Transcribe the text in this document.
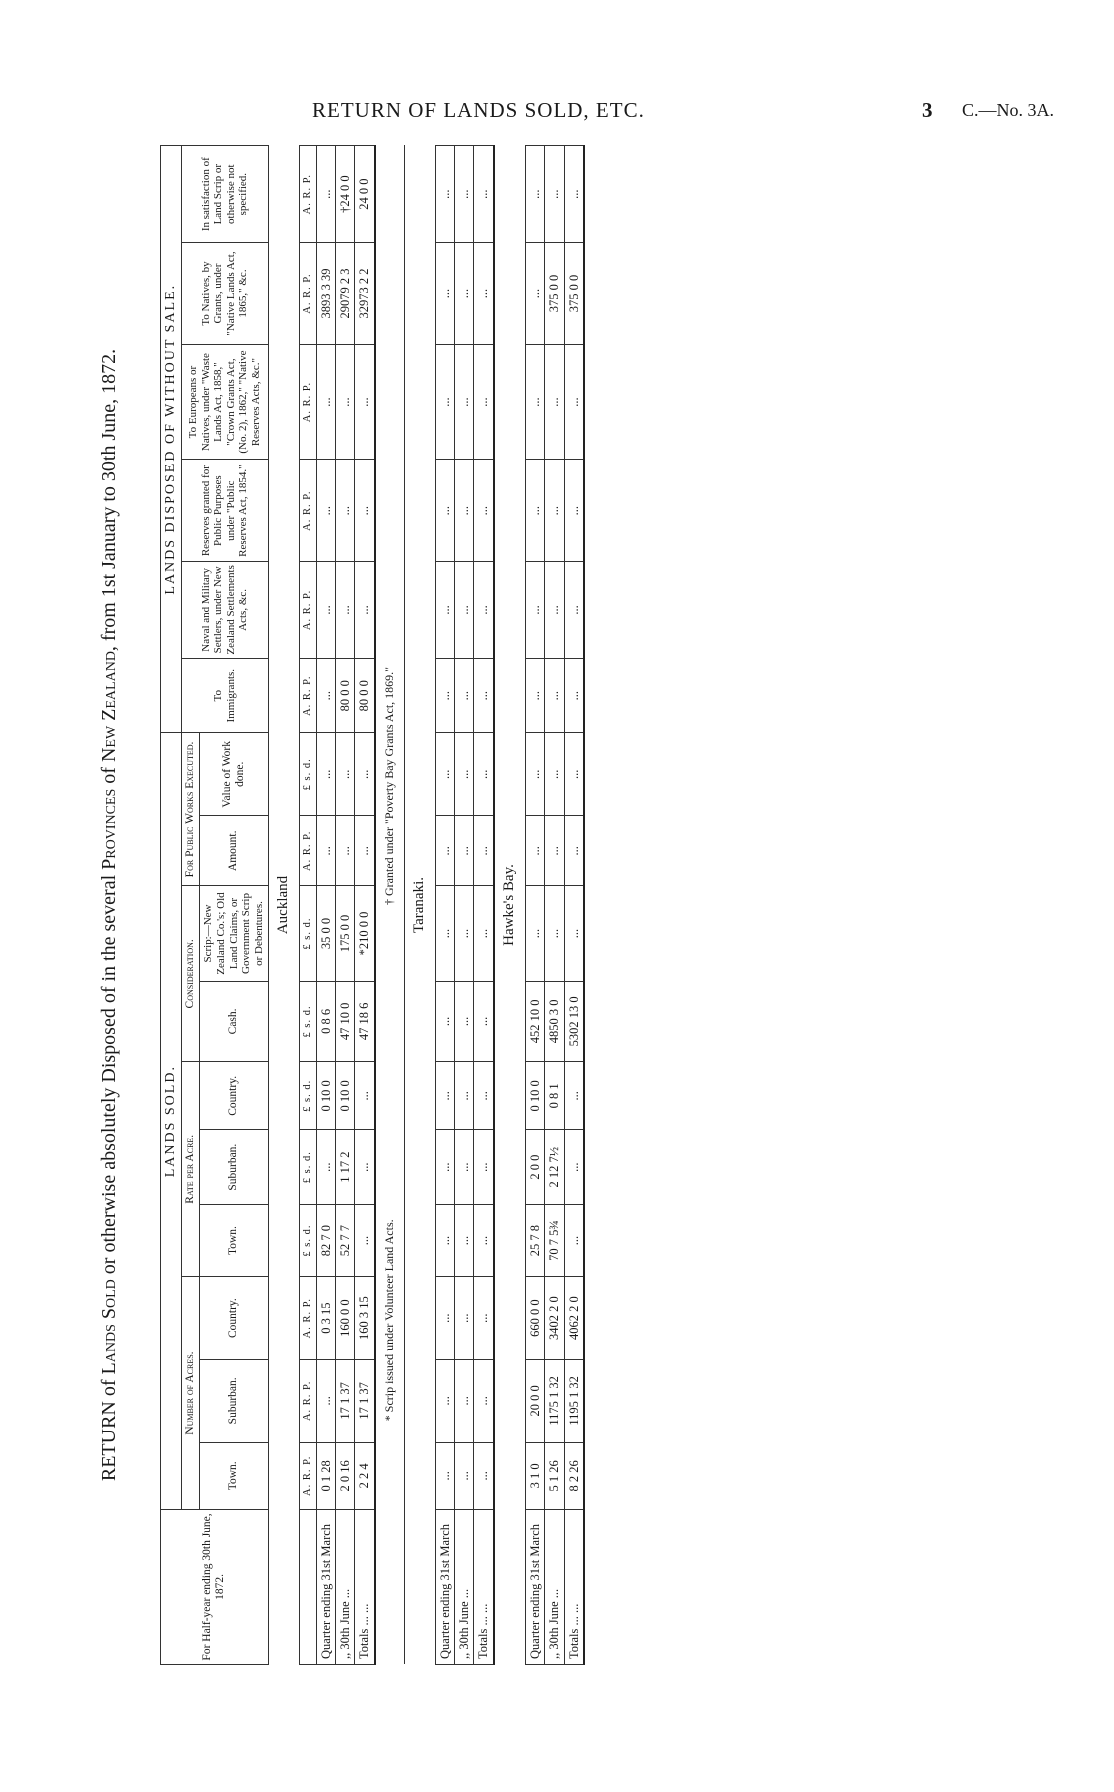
RETURN OF LANDS SOLD, ETC.	3 C.—No. 3A.
RETURN of Lands Sold or otherwise absolutely Disposed of in the several Provinces of New Zealand, from 1st January to 30th June, 1872.
For Half-year ending 30th June, 1872.	LANDS SOLD.										LANDS DISPOSED OF WITHOUT SALE.					
	Number of Acres.			Rate per Acre.			Consideration.		For Public Works Executed.		To Immigrants.	Naval and Military Settlers, under New Zealand Settlements Acts, &c.	Reserves granted for Public Purposes under "Public Reserves Act, 1854."	To Europeans or Natives, under "Waste Lands Act, 1858," "Crown Grants Act, (No. 2), 1862," "Native Reserves Acts, &c."	To Natives, by Grants, under "Native Lands Act, 1865," &c.	In satisfaction of Land Scrip or otherwise not specified.
	Town.	Suburban.	Country.	Town.	Suburban.	Country.	Cash.	Scrip:—New Zealand Co.'s; Old Land Claims, or Government Scrip or Debentures.	Amount.	Value of Work done.						
Auckland																
	A. R. P.	A. R. P.	A. R. P.	£ s. d.	£ s. d.	£ s. d.	£ s. d.	£ s. d.	A. R. P.	£ s. d.	A. R. P.	A. R. P.	A. R. P.	A. R. P.	A. R. P.	A. R. P.
Quarter ending 31st March	0 1 28	...	0 3 15	82 7 0	...	0 10 0	0 8 6	35 0 0	...	...	...	...	...	...	3893 3 39	...
,, 30th June ...	2 0 16	17 1 37	160 0 0	52 7 7	1 17 2	0 10 0	47 10 0	175 0 0	...	...	80 0 0	...	...	...	29079 2 3	†24 0 0
Totals ... ...	2 2 4	17 1 37	160 3 15	...	...	...	47 18 6	*210 0 0	...	...	80 0 0	...	...	...	32973 2 2	24 0 0
* Scrip issued under Volunteer Land Acts.† Granted under "Poverty Bay Grants Act, 1869."																
Taranaki.																
Quarter ending 31st March	...	...	...	...	...	...	...	...	...	...	...	...	...	...	...	...
,, 30th June ...	...	...	...	...	...	...	...	...	...	...	...	...	...	...	...	...
Totals ... ...	...	...	...	...	...	...	...	...	...	...	...	...	...	...	...	...
Hawke's Bay.																
Quarter ending 31st March	3 1 0	20 0 0	660 0 0	25 7 8	2 0 0	0 10 0	452 10 0	...	...	...	...	...	...	...	...	...
,, 30th June ...	5 1 26	1175 1 32	3402 2 0	70 7 5¾	2 12 7½	0 8 1	4850 3 0	...	...	...	...	...	...	...	375 0 0	...
Totals ... ...	8 2 26	1195 1 32	4062 2 0	...	...	...	5302 13 0	...	...	...	...	...	...	...	375 0 0	...
